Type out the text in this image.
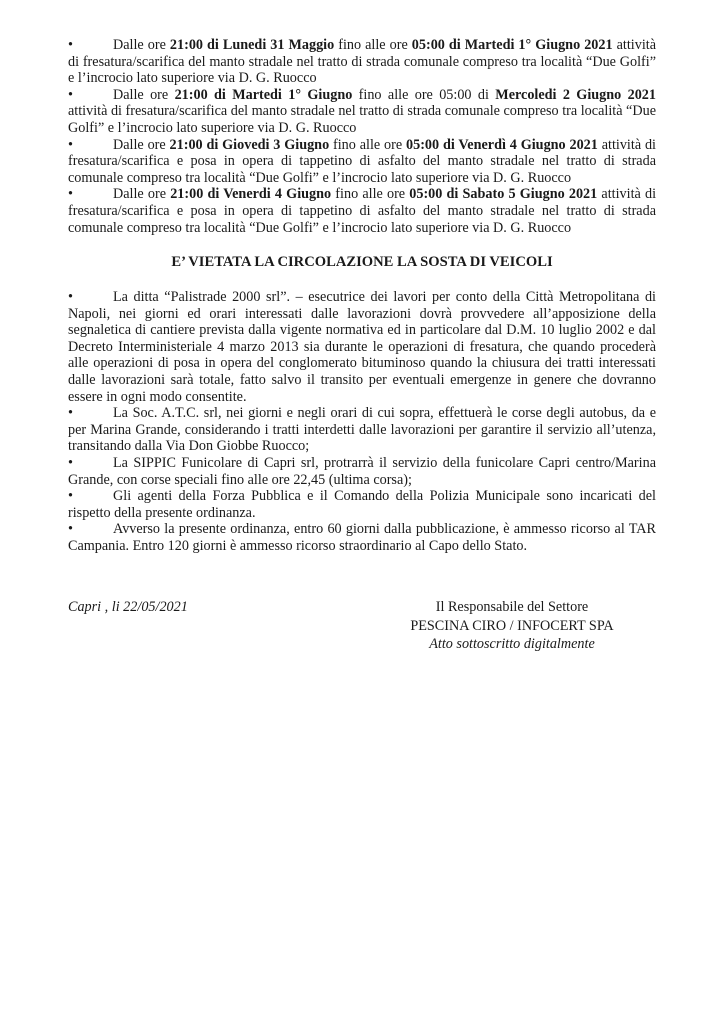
•	Dalle ore 21:00 di Lunedi 31 Maggio fino alle ore 05:00 di Martedi 1° Giugno 2021 attività di fresatura/scarifica del manto stradale nel tratto di strada comunale compreso tra località “Due Golfi” e l’incrocio lato superiore via D. G. Ruocco

•	Dalle ore 21:00 di Martedi 1° Giugno fino alle ore 05:00 di Mercoledi 2 Giugno 2021 attività di fresatura/scarifica del manto stradale nel tratto di strada comunale compreso tra località “Due Golfi” e l’incrocio lato superiore via D. G. Ruocco

•	Dalle ore 21:00 di Giovedi 3 Giugno fino alle ore 05:00 di Venerdì 4 Giugno 2021 attività di fresatura/scarifica e posa in opera di tappetino di asfalto del manto stradale nel tratto di strada comunale compreso tra località “Due Golfi” e l’incrocio lato superiore via D. G. Ruocco

•	Dalle ore 21:00 di Venerdi 4 Giugno fino alle ore 05:00 di Sabato 5 Giugno 2021 attività di fresatura/scarifica e posa in opera di tappetino di asfalto del manto stradale nel tratto di strada comunale compreso tra località “Due Golfi” e l’incrocio lato superiore via D. G. Ruocco

E’ VIETATA LA CIRCOLAZIONE LA SOSTA DI VEICOLI

•	La ditta “Palistrade 2000 srl”. – esecutrice dei lavori per conto della Città Metropolitana di Napoli, nei giorni ed orari interessati dalle lavorazioni dovrà provvedere all’apposizione della segnaletica di cantiere prevista dalla vigente normativa ed in particolare dal D.M. 10 luglio 2002 e dal Decreto Interministeriale 4 marzo 2013 sia durante le operazioni di fresatura, che quando procederà alle operazioni di posa in opera del conglomerato bituminoso quando la chiusura dei tratti interessati dalle lavorazioni sarà totale, fatto salvo il transito per eventuali emergenze in genere che dovranno essere in ogni modo consentite.

•	La Soc. A.T.C. srl, nei giorni e negli orari di cui sopra, effettuerà le corse degli autobus, da e per Marina Grande, considerando i tratti interdetti dalle lavorazioni per garantire il servizio all’utenza, transitando dalla Via Don Giobbe Ruocco;

•	La SIPPIC Funicolare di Capri srl, protrarrà il servizio della funicolare Capri centro/Marina Grande, con corse speciali fino alle ore 22,45 (ultima corsa);

•	Gli agenti della Forza Pubblica e il Comando della Polizia Municipale sono incaricati del rispetto della presente ordinanza.

•	Avverso la presente ordinanza, entro 60 giorni dalla pubblicazione, è ammesso ricorso al TAR Campania. Entro 120 giorni è ammesso ricorso straordinario al Capo dello Stato.

Capri , li 22/05/2021	Il Responsabile del Settore
PESCINA CIRO / INFOCERT SPA
Atto sottoscritto digitalmente
